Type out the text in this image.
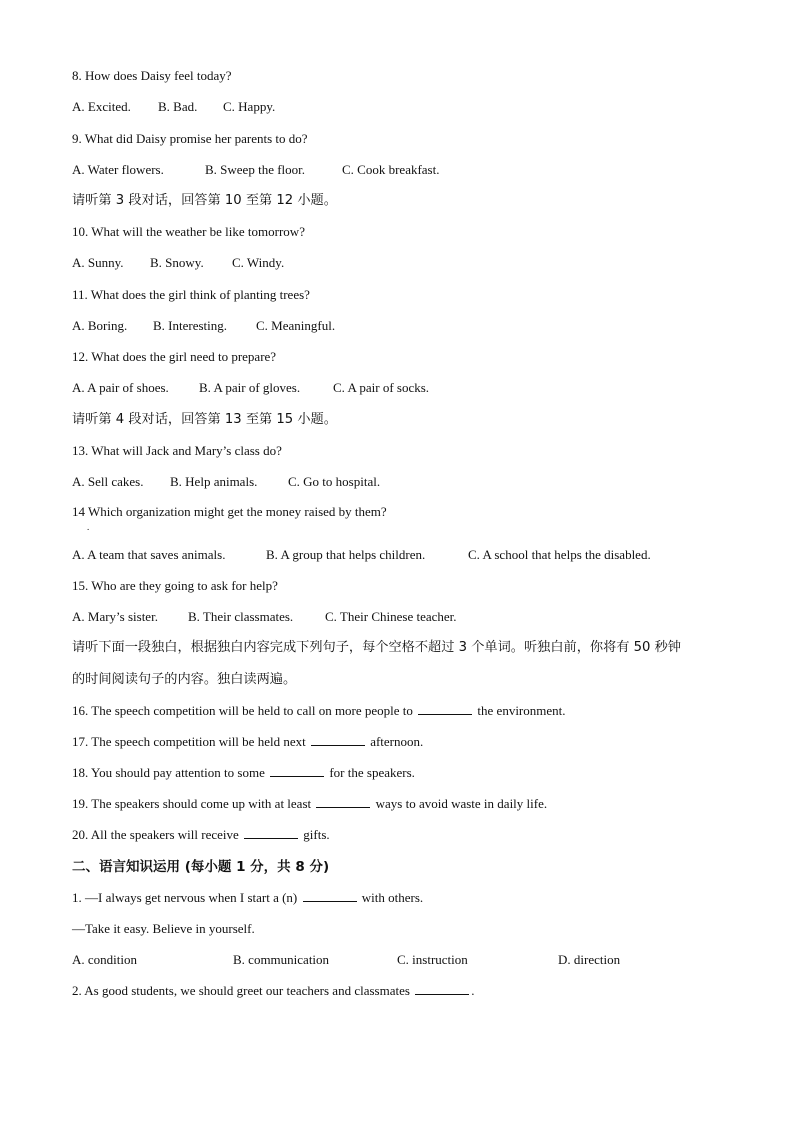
8. How does Daisy feel today?
A. Excited. B. Bad. C. Happy.
9. What did Daisy promise her parents to do?
A. Water flowers.	B. Sweep the floor.	C. Cook breakfast.
请听第 3 段对话，回答第 10 至第 12 小题。
10. What will the weather be like tomorrow?
A. Sunny. B. Snowy. C. Windy.
11. What does the girl think of planting trees?
A. Boring. B. Interesting. C. Meaningful.
12. What does the girl need to prepare?
A. A pair of shoes. B. A pair of gloves.	C. A pair of socks.
请听第 4 段对话，回答第 13 至第 15 小题。
13. What will Jack and Mary’s class do?
A. Sell cakes. B. Help animals. C. Go to hospital.
14 Which organization might get the money raised by them?
.
A. A team that saves animals.	B. A group that helps children.	C. A school that helps the disabled.
15. Who are they going to ask for help?
A. Mary’s sister. B. Their classmates. C. Their Chinese teacher.
请听下面一段独白，根据独白内容完成下列句子，每个空格不超过 3 个单词。听独白前，你将有 50 秒钟
的时间阅读句子的内容。独白读两遍。
16. The speech competition will be held to call on more people to	the environment.
17. The speech competition will be held next	afternoon.
18. You should pay attention to some	for the speakers.
19. The speakers should come up with at least	ways to avoid waste in daily life.
20. All the speakers will receive	gifts.
二、语言知识运用 (每小题 1 分，共 8 分)
1. —I always get nervous when I start a (n)	with others.
—Take it easy. Believe in yourself.
A. condition	B. communication	C. instruction	D. direction
2. As good students, we should greet our teachers and classmates	.
